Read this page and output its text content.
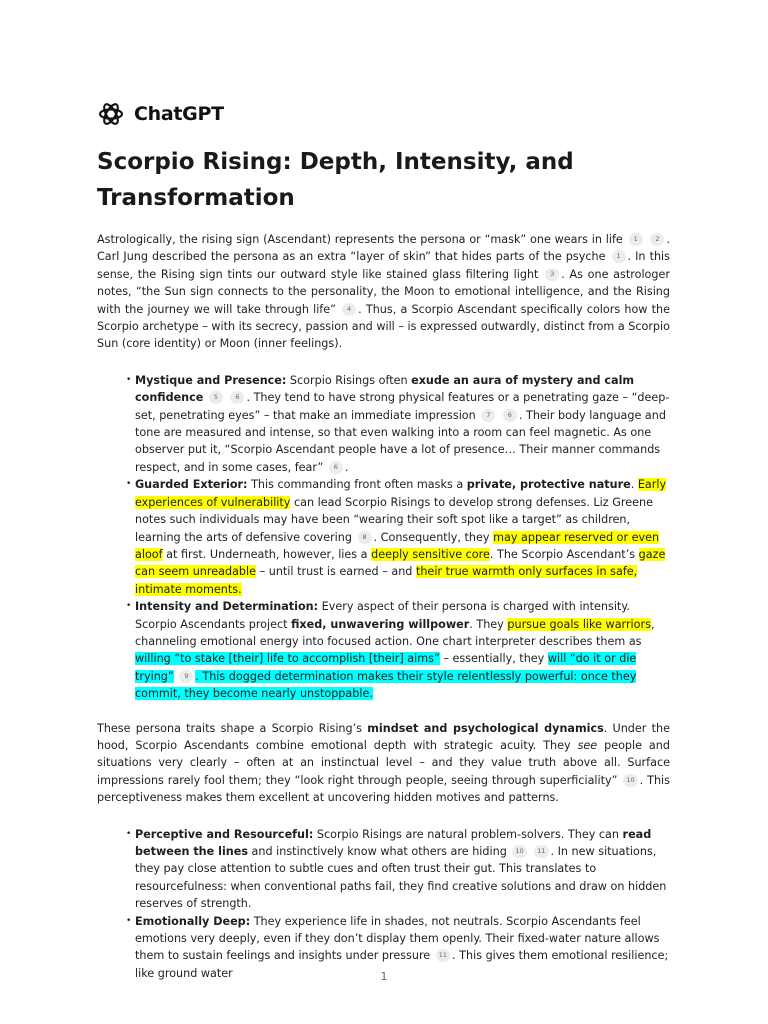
ChatGPT
Scorpio Rising: Depth, Intensity, and Transformation

Astrologically, the rising sign (Ascendant) represents the persona or “mask” one wears in life 1	2 . Carl Jung described the persona as an extra “layer of skin” that hides parts of the psyche 1 . In this sense, the Rising sign tints our outward style like stained glass filtering light 3 . As one astrologer notes, “the Sun sign connects to the personality, the Moon to emotional intelligence, and the Rising with the journey we will take through life” 4 . Thus, a Scorpio Ascendant specifically colors how the Scorpio archetype – with its secrecy, passion and will – is expressed outwardly, distinct from a Scorpio Sun (core identity) or Moon (inner feelings).

• Mystique and Presence: Scorpio Risings often exude an aura of mystery and calm confidence 5	6 . They tend to have strong physical features or a penetrating gaze – “deep-set, penetrating eyes” – that make an immediate impression 7	6 . Their body language and tone are measured and intense, so that even walking into a room can feel magnetic. As one observer put it, “Scorpio Ascendant people have a lot of presence… Their manner commands respect, and in some cases, fear” 6 .
• Guarded Exterior: This commanding front often masks a private, protective nature. Early experiences of vulnerability can lead Scorpio Risings to develop strong defenses. Liz Greene notes such individuals may have been “wearing their soft spot like a target” as children, learning the arts of defensive covering 8 . Consequently, they may appear reserved or even aloof at first. Underneath, however, lies a deeply sensitive core. The Scorpio Ascendant’s gaze can seem unreadable – until trust is earned – and their true warmth only surfaces in safe, intimate moments.
• Intensity and Determination: Every aspect of their persona is charged with intensity. Scorpio Ascendants project fixed, unwavering willpower. They pursue goals like warriors, channeling emotional energy into focused action. One chart interpreter describes them as willing “to stake [their] life to accomplish [their] aims” – essentially, they will “do it or die trying” 9 . This dogged determination makes their style relentlessly powerful: once they commit, they become nearly unstoppable.

These persona traits shape a Scorpio Rising’s mindset and psychological dynamics. Under the hood, Scorpio Ascendants combine emotional depth with strategic acuity. They see people and situations very clearly – often at an instinctual level – and they value truth above all. Surface impressions rarely fool them; they “look right through people, seeing through superficiality” 10 . This perceptiveness makes them excellent at uncovering hidden motives and patterns.

• Perceptive and Resourceful: Scorpio Risings are natural problem-solvers. They can read between the lines and instinctively know what others are hiding 10 11 . In new situations, they pay close attention to subtle cues and often trust their gut. This translates to resourcefulness: when conventional paths fail, they find creative solutions and draw on hidden reserves of strength.
• Emotionally Deep: They experience life in shades, not neutrals. Scorpio Ascendants feel emotions very deeply, even if they don’t display them openly. Their fixed-water nature allows them to sustain feelings and insights under pressure 11 . This gives them emotional resilience; like ground water	1
